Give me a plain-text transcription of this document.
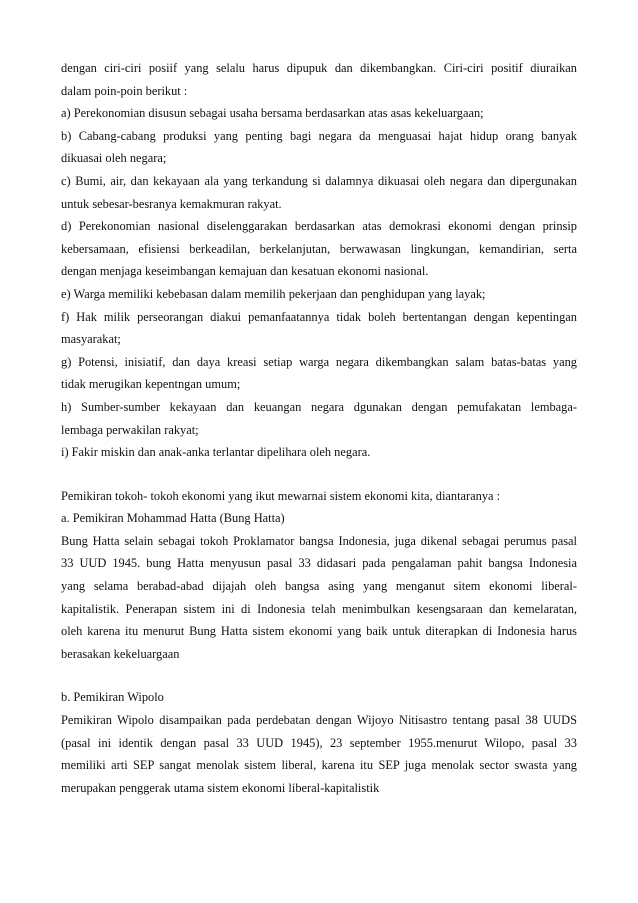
dengan ciri-ciri posiif yang selalu harus dipupuk dan dikembangkan. Ciri-ciri positif diuraikan
dalam poin-poin berikut :
a) Perekonomian disusun sebagai usaha bersama berdasarkan atas asas kekeluargaan;
b) Cabang-cabang produksi yang penting bagi negara da menguasai hajat hidup orang banyak
dikuasai oleh negara;
c) Bumi, air, dan kekayaan ala yang terkandung si dalamnya dikuasai oleh negara dan dipergunakan
untuk sebesar-besranya kemakmuran rakyat.
d) Perekonomian nasional diselenggarakan berdasarkan atas demokrasi ekonomi dengan prinsip
kebersamaan, efisiensi berkeadilan, berkelanjutan, berwawasan lingkungan, kemandirian, serta
dengan menjaga keseimbangan kemajuan dan kesatuan ekonomi nasional.
e) Warga memiliki kebebasan dalam memilih pekerjaan dan penghidupan yang layak;
f) Hak milik perseorangan diakui pemanfaatannya tidak boleh bertentangan dengan kepentingan
masyarakat;
g) Potensi, inisiatif, dan daya kreasi setiap warga negara dikembangkan salam batas-batas yang
tidak merugikan kepentngan umum;
h) Sumber-sumber kekayaan dan keuangan negara dgunakan dengan pemufakatan lembaga-
lembaga perwakilan rakyat;
i) Fakir miskin dan anak-anka terlantar dipelihara oleh negara.
Pemikiran tokoh- tokoh ekonomi yang ikut mewarnai sistem ekonomi kita, diantaranya :
a. Pemikiran Mohammad Hatta (Bung Hatta)
Bung Hatta selain sebagai tokoh Proklamator bangsa Indonesia, juga dikenal sebagai perumus pasal
33 UUD 1945. bung Hatta menyusun pasal 33 didasari pada pengalaman pahit bangsa Indonesia
yang selama berabad-abad dijajah oleh bangsa asing yang menganut sitem ekonomi liberal-
kapitalistik. Penerapan sistem ini di Indonesia telah menimbulkan kesengsaraan dan kemelaratan,
oleh karena itu menurut Bung Hatta sistem ekonomi yang baik untuk diterapkan di Indonesia harus
berasakan kekeluargaan
b. Pemikiran Wipolo
Pemikiran Wipolo disampaikan pada perdebatan dengan Wijoyo Nitisastro tentang pasal 38 UUDS
(pasal ini identik dengan pasal 33 UUD 1945), 23 september 1955.menurut Wilopo, pasal 33
memiliki arti SEP sangat menolak sistem liberal, karena itu SEP juga menolak sector swasta yang
merupakan penggerak utama sistem ekonomi liberal-kapitalistik
